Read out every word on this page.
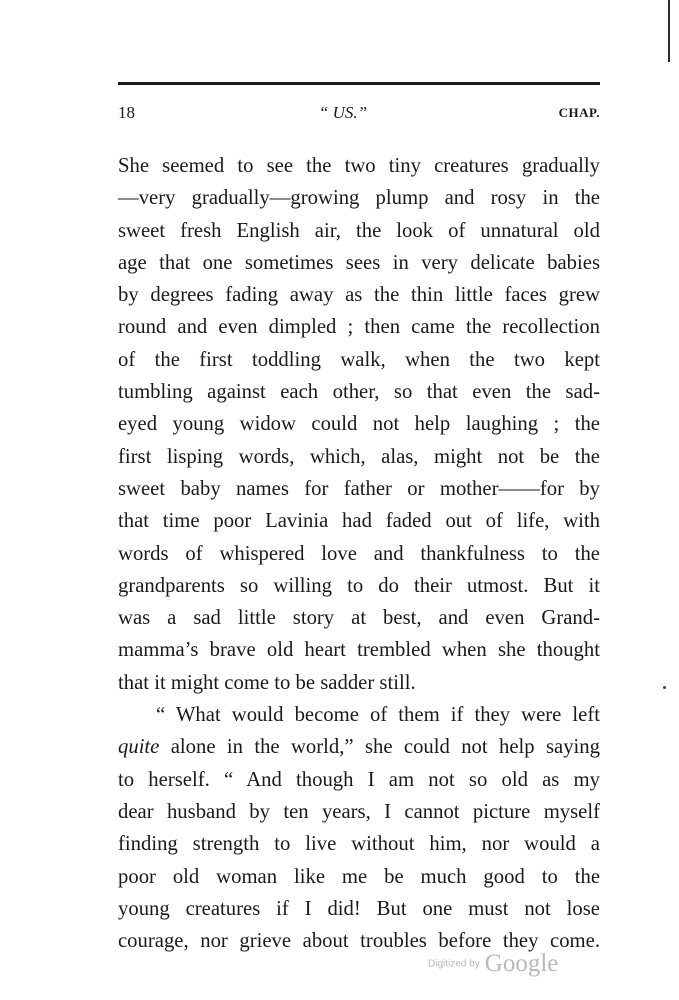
18	“ US.”	CHAP.

She seemed to see the two tiny creatures gradually
—very gradually—growing plump and rosy in the
sweet fresh English air, the look of unnatural old
age that one sometimes sees in very delicate babies
by degrees fading away as the thin little faces grew
round and even dimpled ; then came the recollection
of the first toddling walk, when the two kept
tumbling against each other, so that even the sad-
eyed young widow could not help laughing ; the
first lisping words, which, alas, might not be the
sweet baby names for father or mother——for by
that time poor Lavinia had faded out of life, with
words of whispered love and thankfulness to the
grandparents so willing to do their utmost. But it
was a sad little story at best, and even Grand-
mamma’s brave old heart trembled when she thought
that it might come to be sadder still.

“ What would become of them if they were left
quite alone in the world,” she could not help saying
to herself. “ And though I am not so old as my
dear husband by ten years, I cannot picture myself
finding strength to live without him, nor would a
poor old woman like me be much good to the
young creatures if I did! But one must not lose
courage, nor grieve about troubles before they come.

Digitized by Google
